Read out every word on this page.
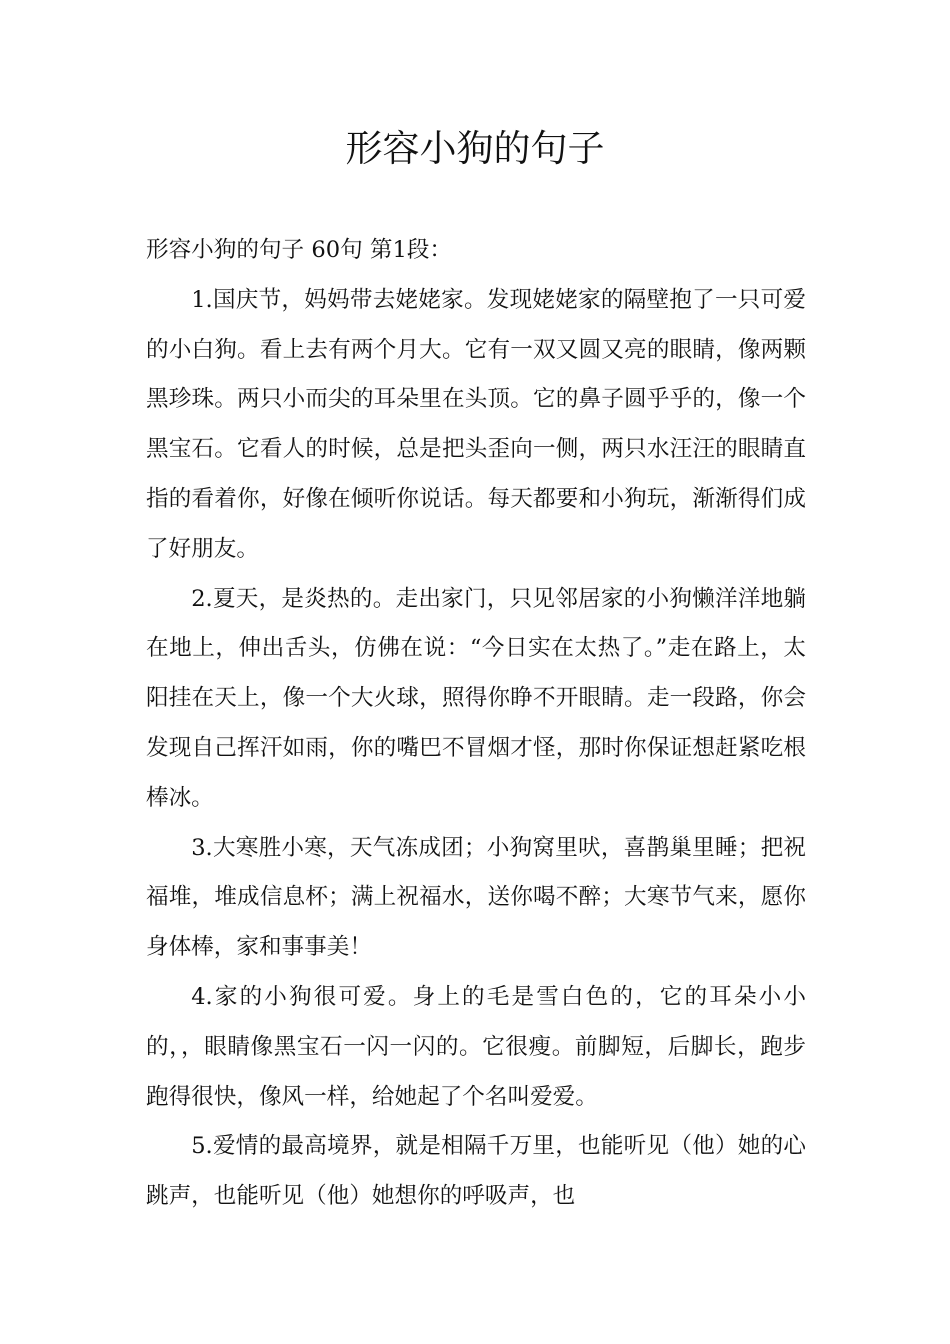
形容小狗的句子

形容小狗的句子 60句 第1段：

1.国庆节，妈妈带去姥姥家。发现姥姥家的隔壁抱了一只可爱的小白狗。看上去有两个月大。它有一双又圆又亮的眼睛，像两颗黑珍珠。两只小而尖的耳朵里在头顶。它的鼻子圆乎乎的，像一个黑宝石。它看人的时候，总是把头歪向一侧，两只水汪汪的眼睛直指的看着你，好像在倾听你说话。每天都要和小狗玩，渐渐得们成了好朋友。

2.夏天，是炎热的。走出家门，只见邻居家的小狗懒洋洋地躺在地上，伸出舌头，仿佛在说：“今日实在太热了。”走在路上，太阳挂在天上，像一个大火球，照得你睁不开眼睛。走一段路，你会发现自己挥汗如雨，你的嘴巴不冒烟才怪，那时你保证想赶紧吃根棒冰。

3.大寒胜小寒，天气冻成团；小狗窝里吠，喜鹊巢里睡；把祝福堆，堆成信息杯；满上祝福水，送你喝不醉；大寒节气来，愿你身体棒，家和事事美！

4.家的小狗很可爱。身上的毛是雪白色的，它的耳朵小小的，，眼睛像黑宝石一闪一闪的。它很瘦。前脚短，后脚长，跑步跑得很快，像风一样，给她起了个名叫爱爱。

5.爱情的最高境界，就是相隔千万里，也能听见（他）她的心跳声，也能听见（他）她想你的呼吸声，也
